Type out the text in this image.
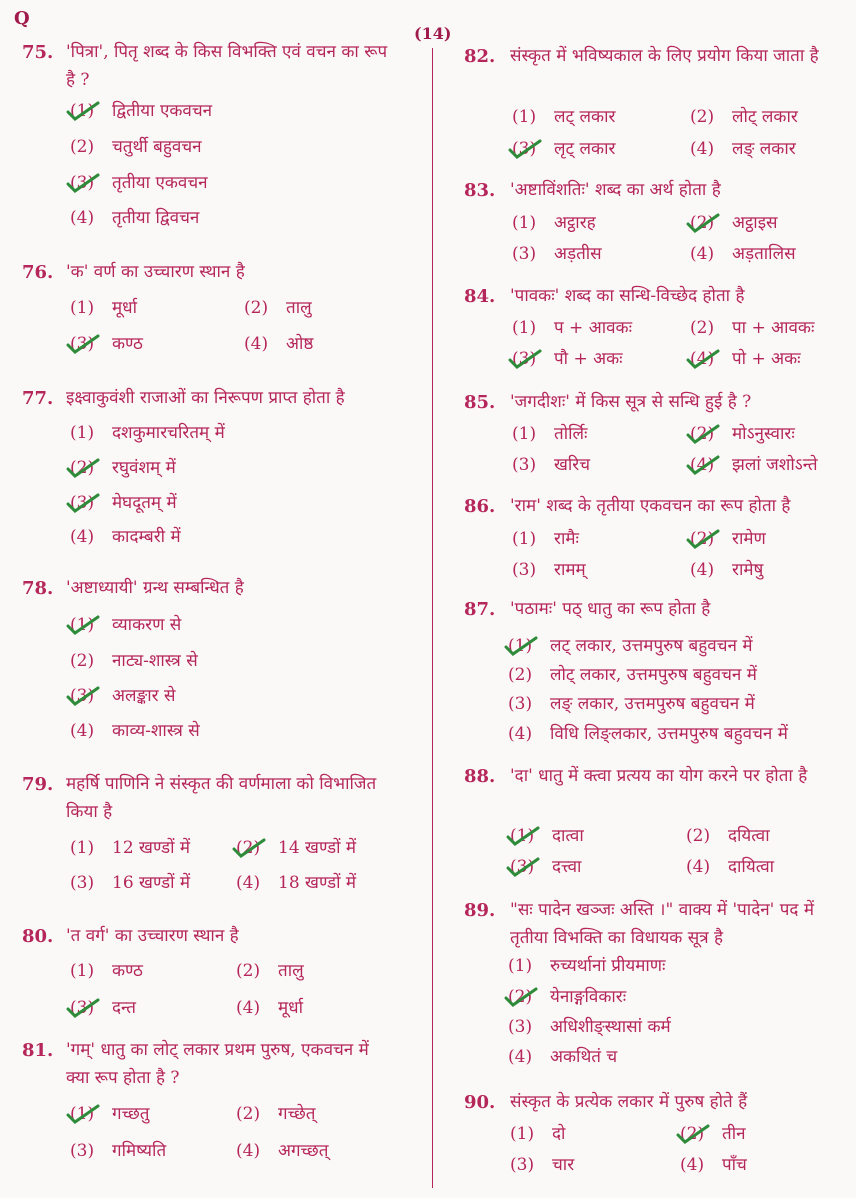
Q
(14)
75. 'पित्रा', पितृ शब्द के किस विभक्ति एवं वचन का रूप है ?
(1) द्वितीया एकवचन
(2) चतुर्थी बहुवचन
(3) तृतीया एकवचन
(4) तृतीया द्विवचन
76. 'क' वर्ण का उच्चारण स्थान है
(1) मूर्धा	(2) तालु
(3) कण्ठ	(4) ओष्ठ
77. इक्ष्वाकुवंशी राजाओं का निरूपण प्राप्त होता है
(1) दशकुमारचरितम् में
(2) रघुवंशम् में
(3) मेघदूतम् में
(4) कादम्बरी में
78. 'अष्टाध्यायी' ग्रन्थ सम्बन्धित है
(1) व्याकरण से
(2) नाट्य-शास्त्र से
(3) अलङ्कार से
(4) काव्य-शास्त्र से
79. महर्षि पाणिनि ने संस्कृत की वर्णमाला को विभाजित किया है
(1) 12 खण्डों में	(2) 14 खण्डों में
(3) 16 खण्डों में	(4) 18 खण्डों में
80. 'त वर्ग' का उच्चारण स्थान है
(1) कण्ठ	(2) तालु
(3) दन्त	(4) मूर्धा
81. 'गम्' धातु का लोट् लकार प्रथम पुरुष, एकवचन में क्या रूप होता है ?
(1) गच्छतु	(2) गच्छेत्
(3) गमिष्यति	(4) अगच्छत्
82. संस्कृत में भविष्यकाल के लिए प्रयोग किया जाता है
(1) लट् लकार	(2) लोट् लकार
(3) लृट् लकार	(4) लङ् लकार
83. 'अष्टाविंशतिः' शब्द का अर्थ होता है
(1) अट्ठारह	(2) अट्ठाइस
(3) अड़तीस	(4) अड़तालिस
84. 'पावकः' शब्द का सन्धि-विच्छेद होता है
(1) प + आवकः	(2) पा + आवकः
(3) पौ + अकः	(4) पो + अकः
85. 'जगदीशः' में किस सूत्र से सन्धि हुई है ?
(1) तोर्लिः	(2) मोऽनुस्वारः
(3) खरिच	(4) झलां जशोऽन्ते
86. 'राम' शब्द के तृतीया एकवचन का रूप होता है
(1) रामैः	(2) रामेण
(3) रामम्	(4) रामेषु
87. 'पठामः' पठ् धातु का रूप होता है
(1) लट् लकार, उत्तमपुरुष बहुवचन में
(2) लोट् लकार, उत्तमपुरुष बहुवचन में
(3) लङ् लकार, उत्तमपुरुष बहुवचन में
(4) विधि लिङ्लकार, उत्तमपुरुष बहुवचन में
88. 'दा' धातु में क्त्वा प्रत्यय का योग करने पर होता है
(1) दात्वा	(2) दयित्वा
(3) दत्त्वा	(4) दायित्वा
89. "सः पादेन खञ्जः अस्ति ।" वाक्य में 'पादेन' पद में तृतीया विभक्ति का विधायक सूत्र है
(1) रुच्यर्थानां प्रीयमाणः
(2) येनाङ्गविकारः
(3) अधिशीङ्स्थासां कर्म
(4) अकथितं च
90. संस्कृत के प्रत्येक लकार में पुरुष होते हैं
(1) दो	(2) तीन
(3) चार	(4) पाँच
